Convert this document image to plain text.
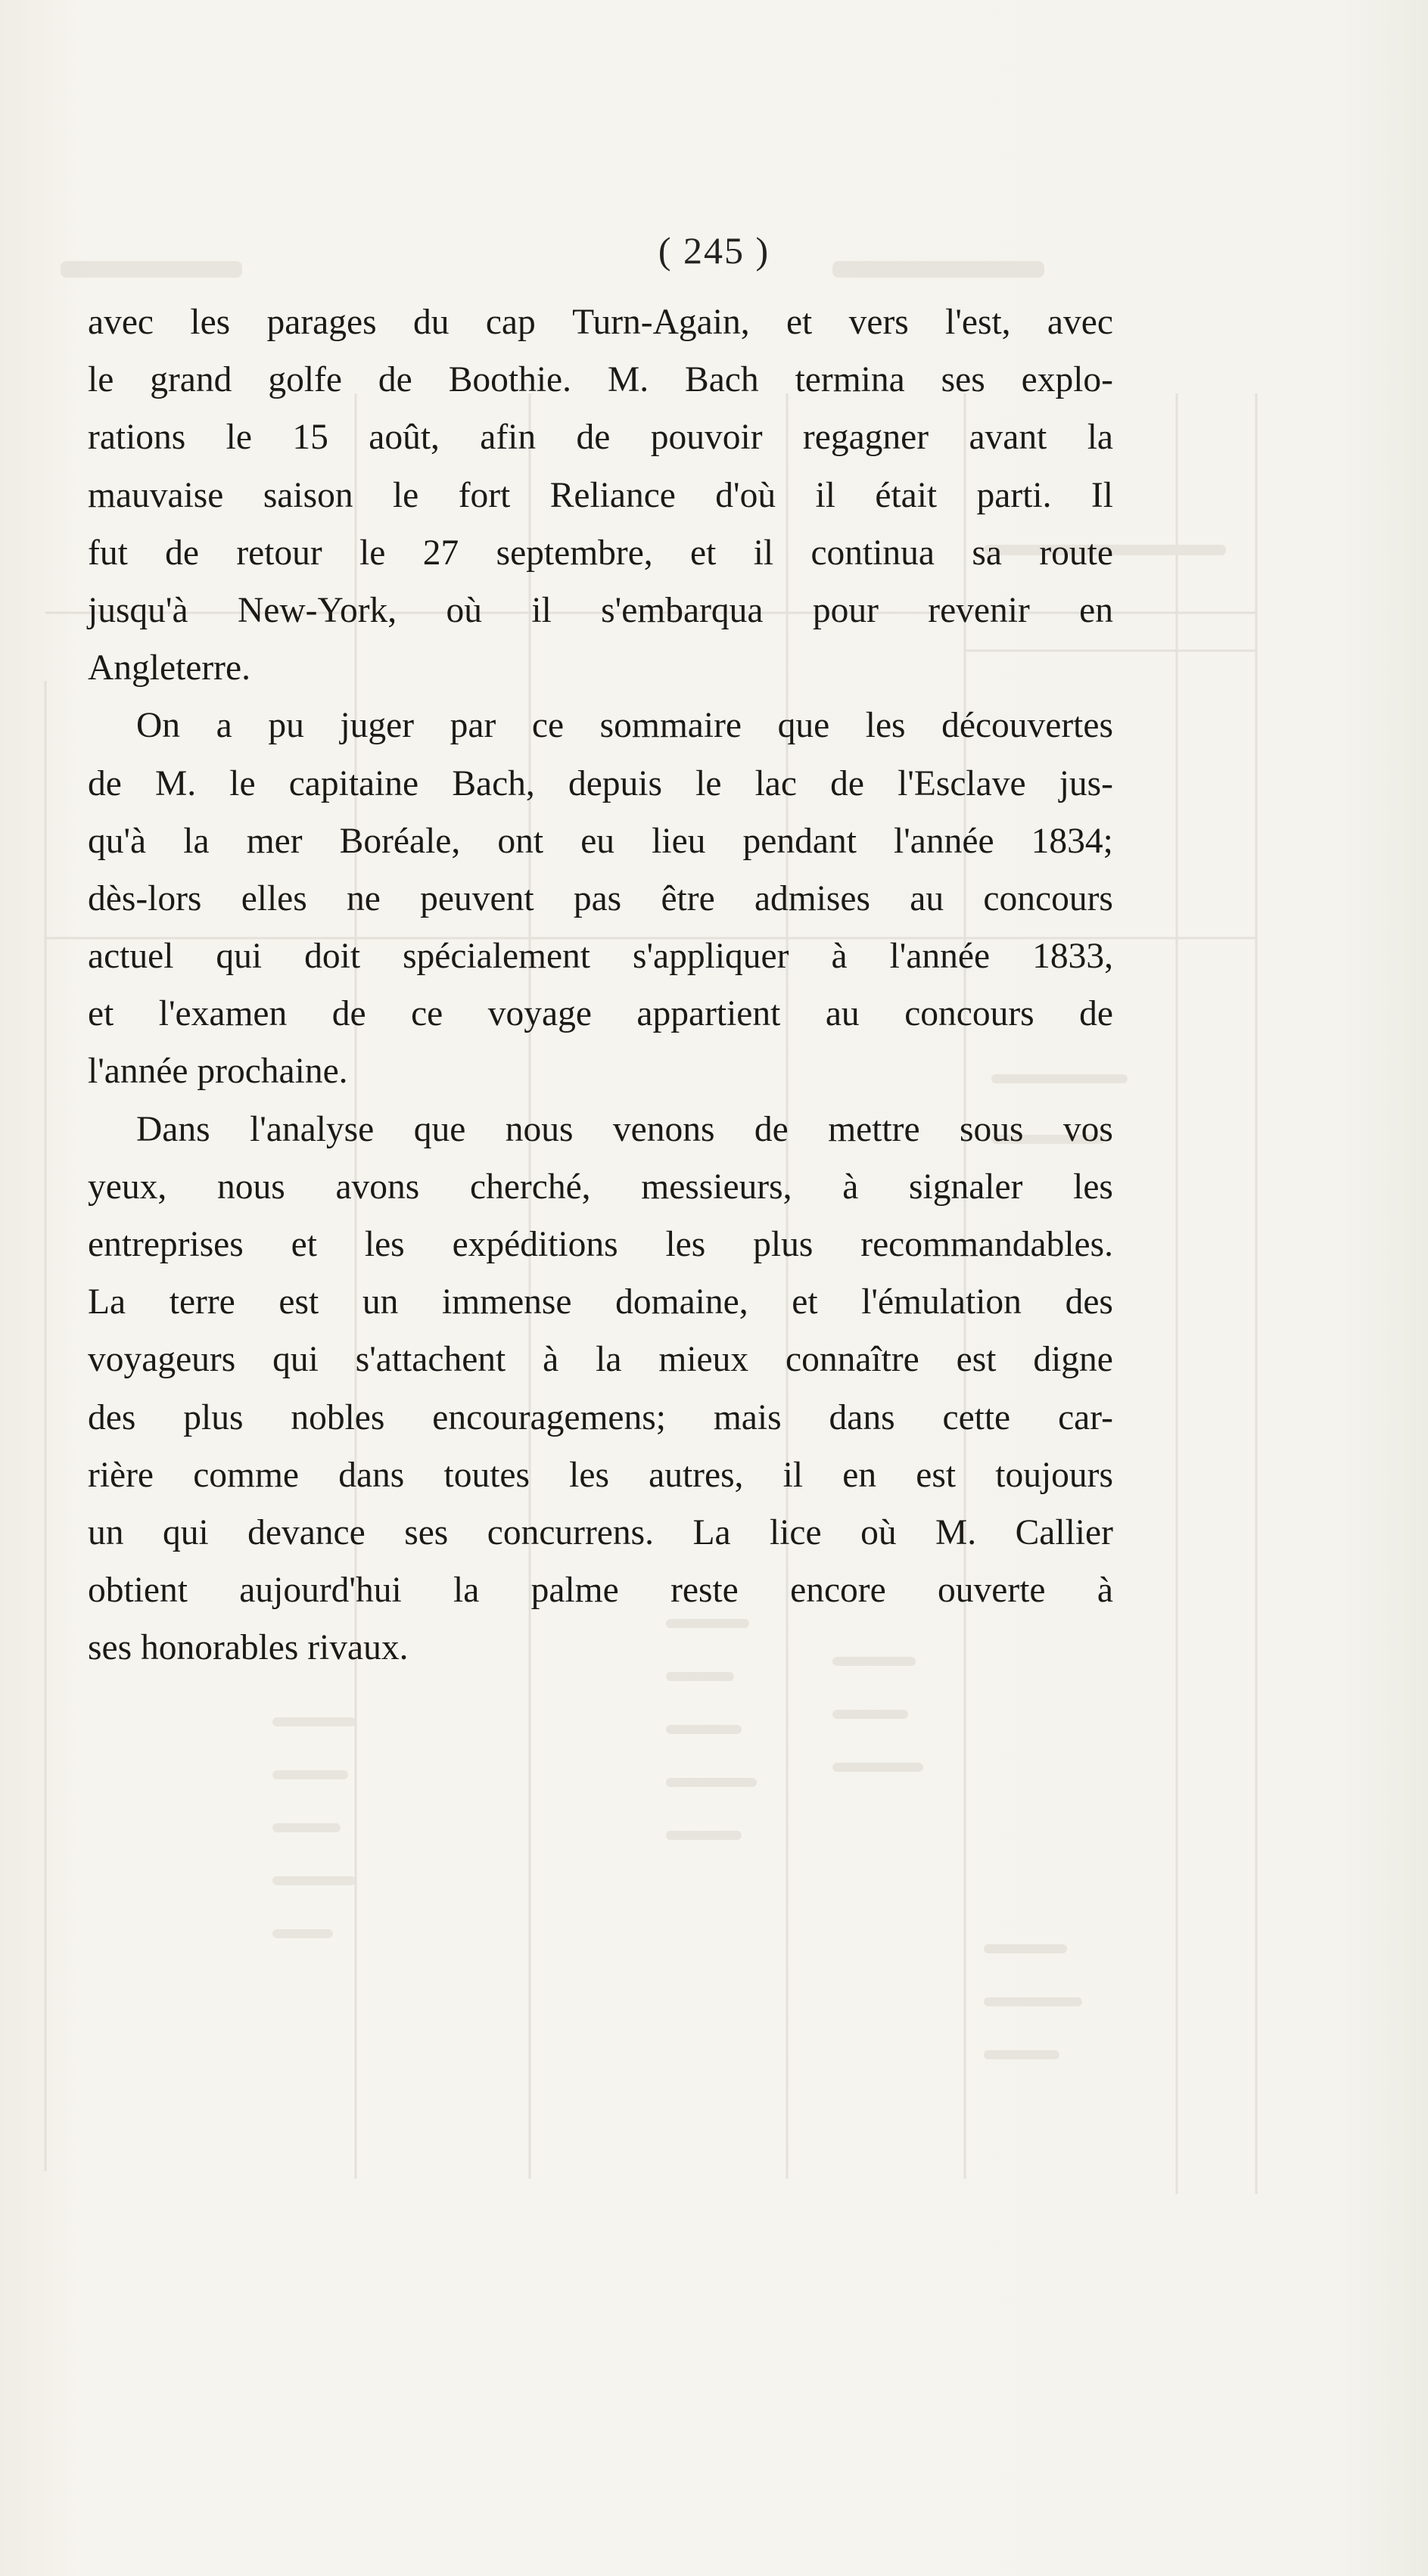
( 245 )
avec les parages du cap Turn-Again, et vers l'est, avec
le grand golfe de Boothie. M. Bach termina ses explo-
rations le 15 août, afin de pouvoir regagner avant la
mauvaise saison le fort Reliance d'où il était parti. Il
fut de retour le 27 septembre, et il continua sa route
jusqu'à New-York, où il s'embarqua pour revenir en
Angleterre.
On a pu juger par ce sommaire que les découvertes
de M. le capitaine Bach, depuis le lac de l'Esclave jus-
qu'à la mer Boréale, ont eu lieu pendant l'année 1834;
dès-lors elles ne peuvent pas être admises au concours
actuel qui doit spécialement s'appliquer à l'année 1833,
et l'examen de ce voyage appartient au concours de
l'année prochaine.
Dans l'analyse que nous venons de mettre sous vos
yeux, nous avons cherché, messieurs, à signaler les
entreprises et les expéditions les plus recommandables.
La terre est un immense domaine, et l'émulation des
voyageurs qui s'attachent à la mieux connaître est digne
des plus nobles encouragemens; mais dans cette car-
rière comme dans toutes les autres, il en est toujours
un qui devance ses concurrens. La lice où M. Callier
obtient aujourd'hui la palme reste encore ouverte à
ses honorables rivaux.
